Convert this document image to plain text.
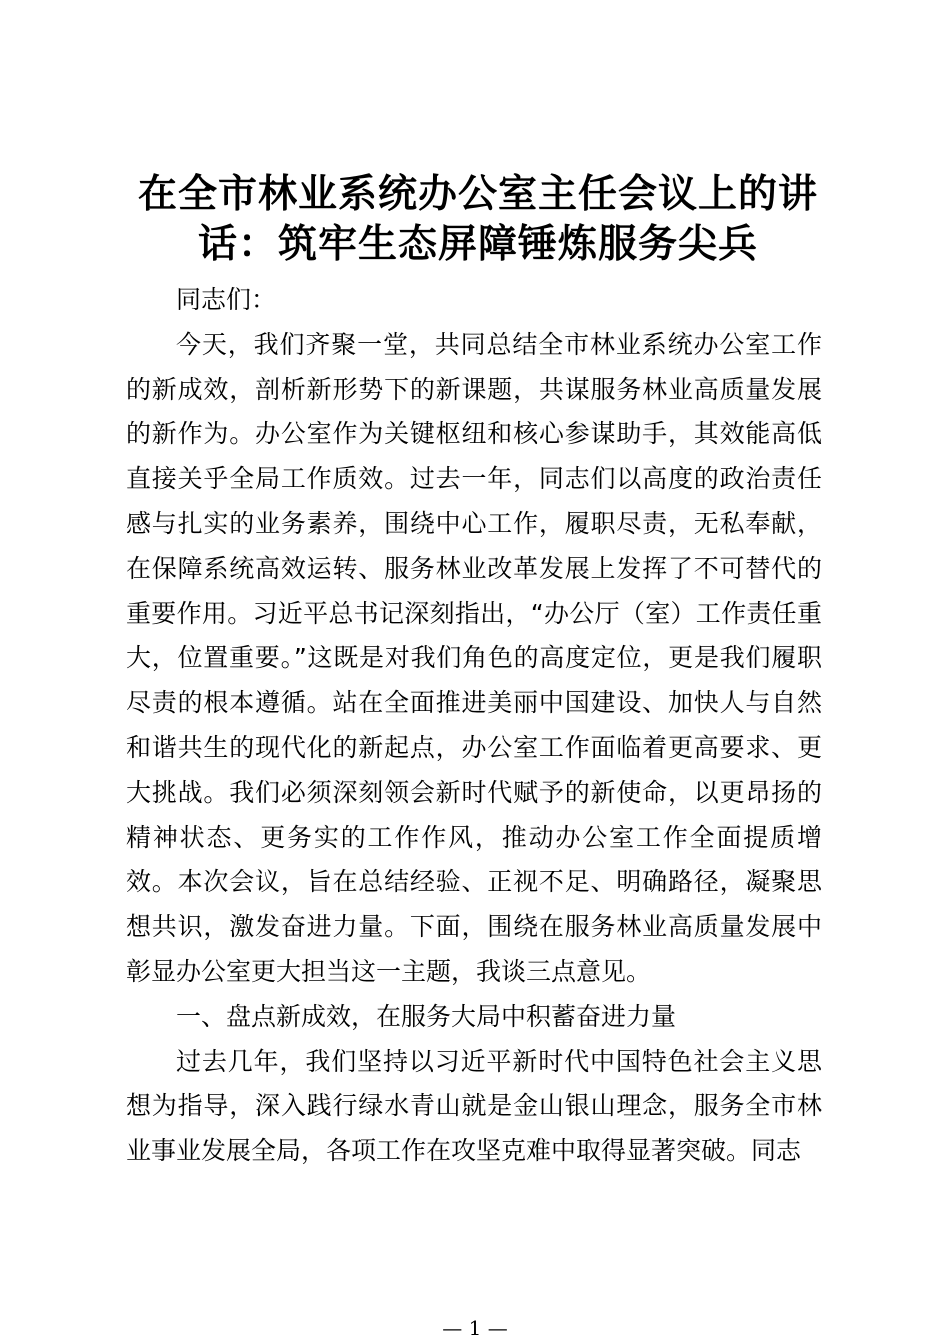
在全市林业系统办公室主任会议上的讲
话：筑牢生态屏障锤炼服务尖兵

同志们：

今天，我们齐聚一堂，共同总结全市林业系统办公室工作的新成效，剖析新形势下的新课题，共谋服务林业高质量发展的新作为。办公室作为关键枢纽和核心参谋助手，其效能高低直接关乎全局工作质效。过去一年，同志们以高度的政治责任感与扎实的业务素养，围绕中心工作，履职尽责，无私奉献，在保障系统高效运转、服务林业改革发展上发挥了不可替代的重要作用。习近平总书记深刻指出，“办公厅（室）工作责任重大，位置重要。”这既是对我们角色的高度定位，更是我们履职尽责的根本遵循。站在全面推进美丽中国建设、加快人与自然和谐共生的现代化的新起点，办公室工作面临着更高要求、更大挑战。我们必须深刻领会新时代赋予的新使命，以更昂扬的精神状态、更务实的工作作风，推动办公室工作全面提质增效。本次会议，旨在总结经验、正视不足、明确路径，凝聚思想共识，激发奋进力量。下面，围绕在服务林业高质量发展中彰显办公室更大担当这一主题，我谈三点意见。

一、盘点新成效，在服务大局中积蓄奋进力量

过去几年，我们坚持以习近平新时代中国特色社会主义思想为指导，深入践行绿水青山就是金山银山理念，服务全市林业事业发展全局，各项工作在攻坚克难中取得显著突破。同志

— 1 —
